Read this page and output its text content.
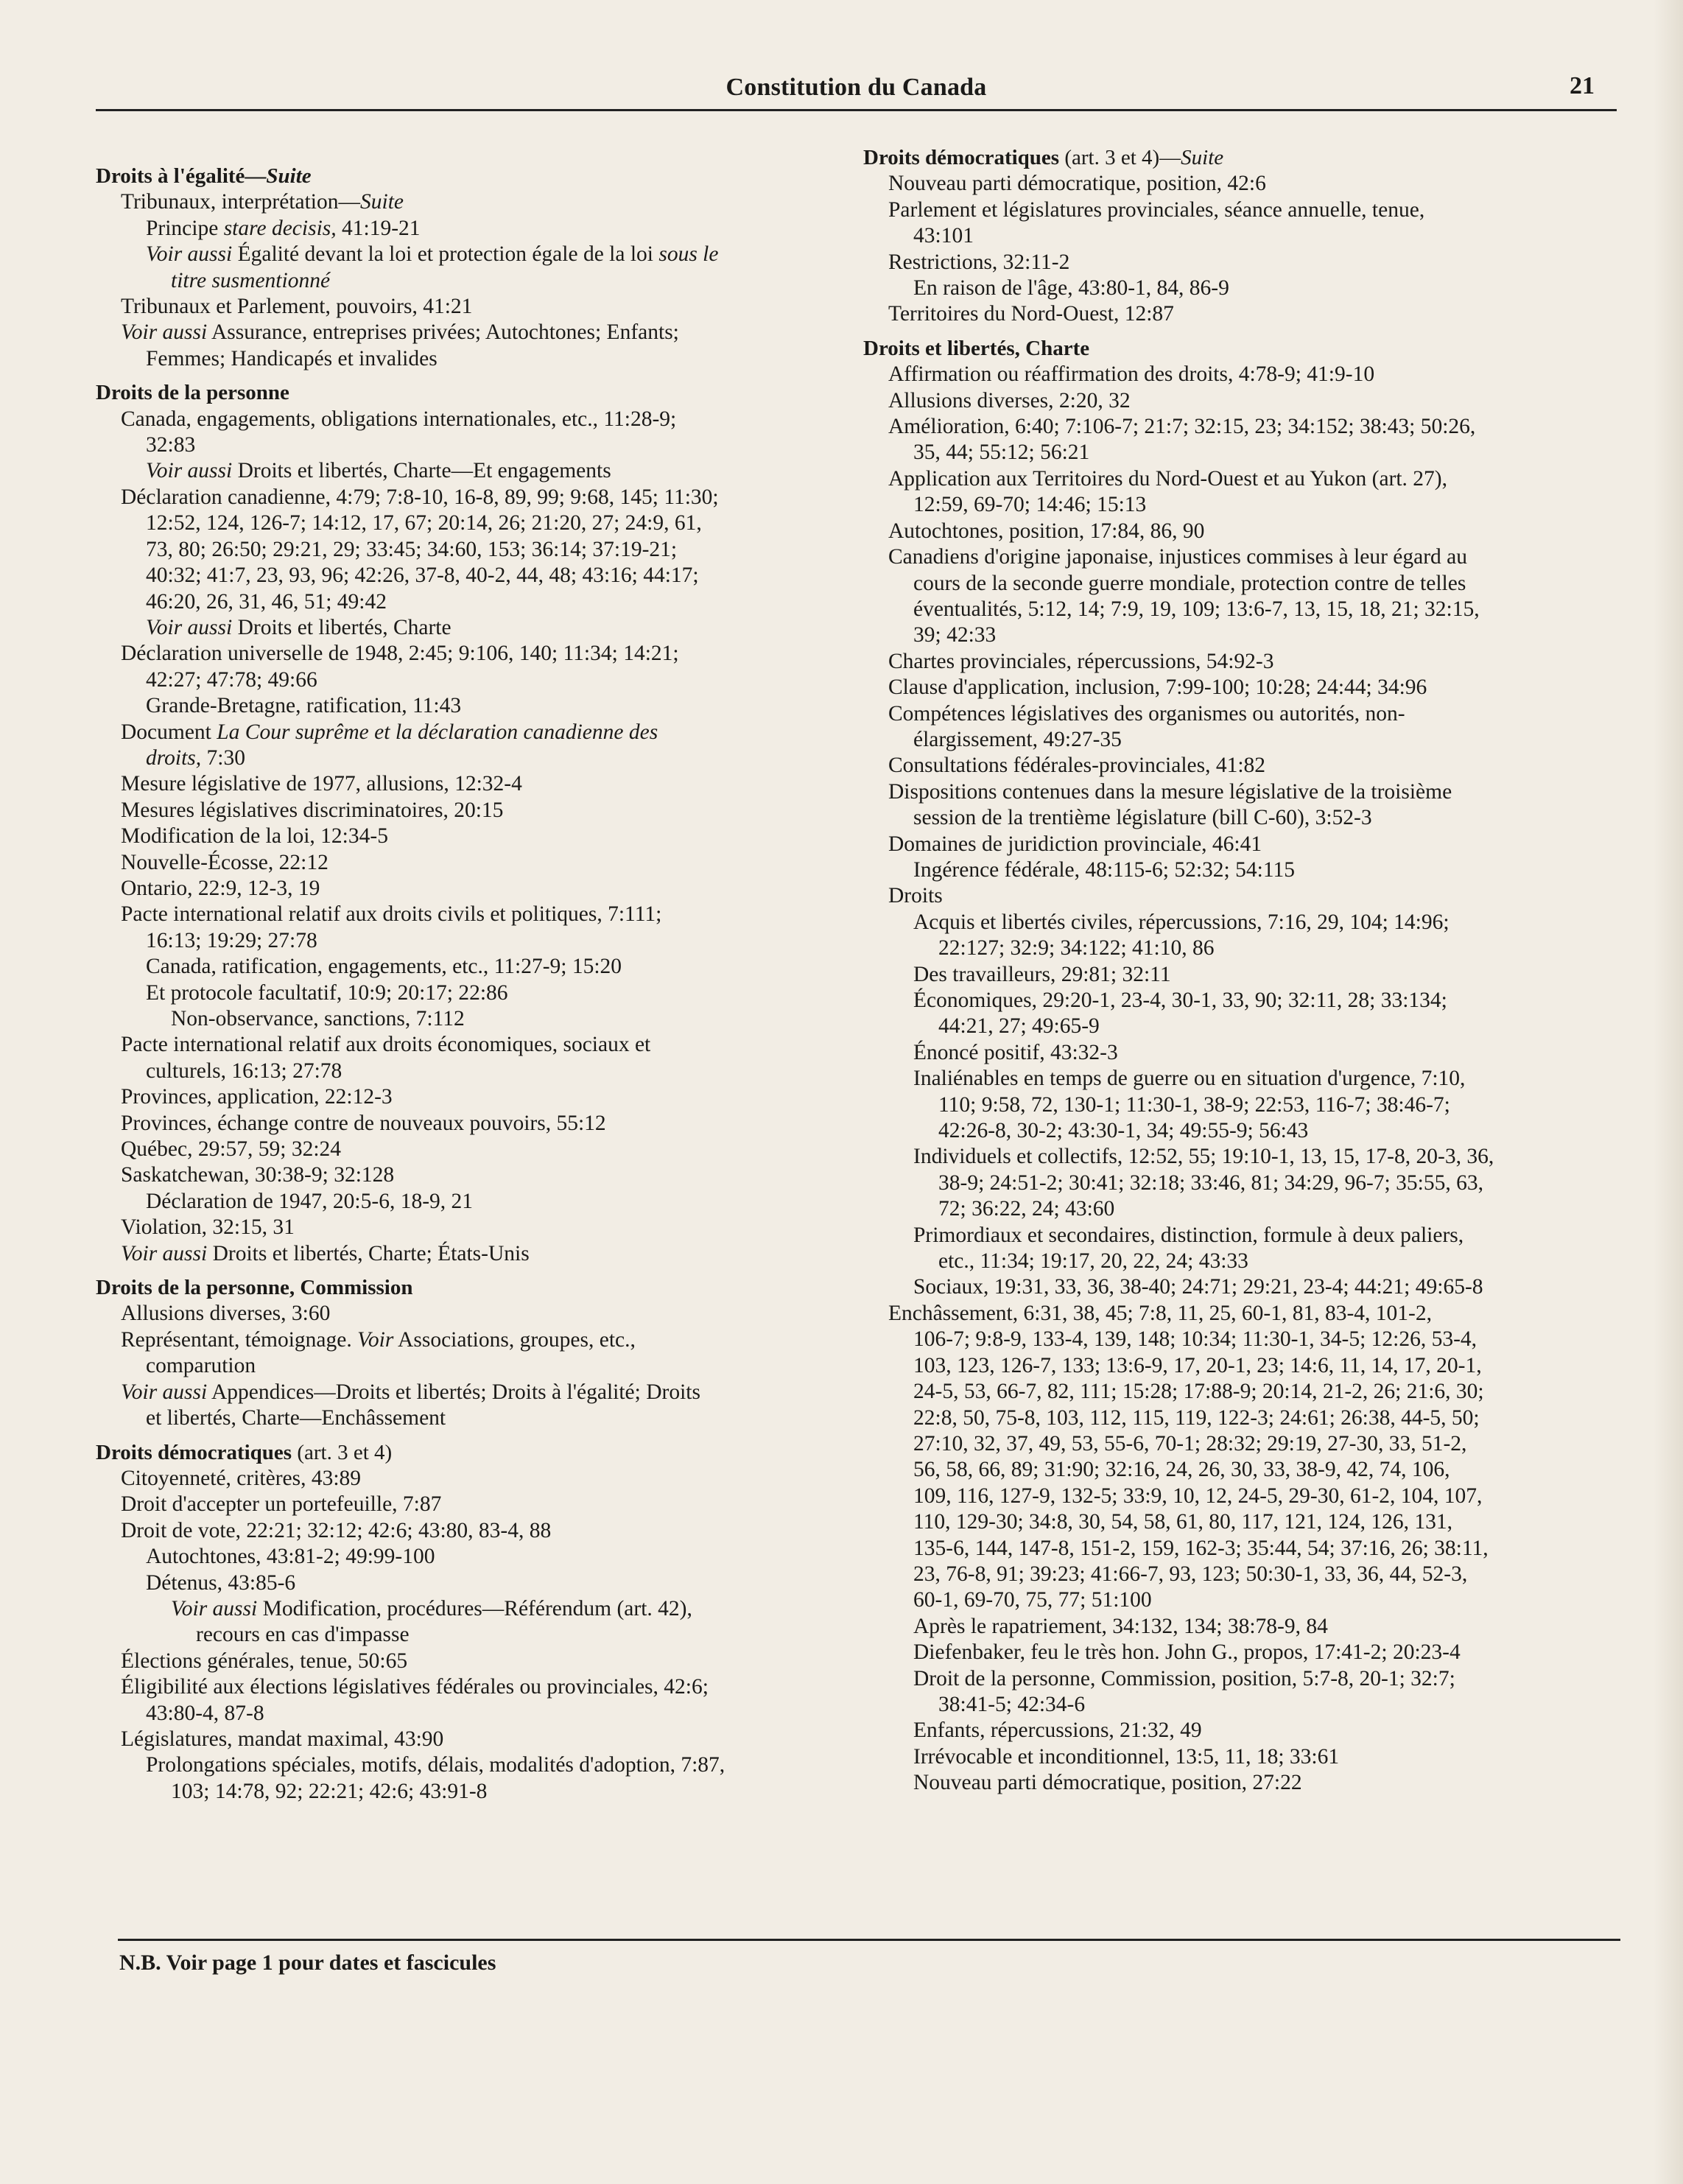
Constitution du Canada	21
Droits à l'égalité—Suite
Tribunaux, interprétation—Suite
Principe stare decisis, 41:19-21
Voir aussi Égalité devant la loi et protection égale de la loi sous le
titre susmentionné
Tribunaux et Parlement, pouvoirs, 41:21
Voir aussi Assurance, entreprises privées; Autochtones; Enfants;
Femmes; Handicapés et invalides
Droits de la personne
Canada, engagements, obligations internationales, etc., 11:28-9;
32:83
Voir aussi Droits et libertés, Charte—Et engagements
Déclaration canadienne, 4:79; 7:8-10, 16-8, 89, 99; 9:68, 145; 11:30;
12:52, 124, 126-7; 14:12, 17, 67; 20:14, 26; 21:20, 27; 24:9, 61,
73, 80; 26:50; 29:21, 29; 33:45; 34:60, 153; 36:14; 37:19-21;
40:32; 41:7, 23, 93, 96; 42:26, 37-8, 40-2, 44, 48; 43:16; 44:17;
46:20, 26, 31, 46, 51; 49:42
Voir aussi Droits et libertés, Charte
Déclaration universelle de 1948, 2:45; 9:106, 140; 11:34; 14:21;
42:27; 47:78; 49:66
Grande-Bretagne, ratification, 11:43
Document La Cour suprême et la déclaration canadienne des
droits, 7:30
Mesure législative de 1977, allusions, 12:32-4
Mesures législatives discriminatoires, 20:15
Modification de la loi, 12:34-5
Nouvelle-Écosse, 22:12
Ontario, 22:9, 12-3, 19
Pacte international relatif aux droits civils et politiques, 7:111;
16:13; 19:29; 27:78
Canada, ratification, engagements, etc., 11:27-9; 15:20
Et protocole facultatif, 10:9; 20:17; 22:86
Non-observance, sanctions, 7:112
Pacte international relatif aux droits économiques, sociaux et
culturels, 16:13; 27:78
Provinces, application, 22:12-3
Provinces, échange contre de nouveaux pouvoirs, 55:12
Québec, 29:57, 59; 32:24
Saskatchewan, 30:38-9; 32:128
Déclaration de 1947, 20:5-6, 18-9, 21
Violation, 32:15, 31
Voir aussi Droits et libertés, Charte; États-Unis
Droits de la personne, Commission
Allusions diverses, 3:60
Représentant, témoignage. Voir Associations, groupes, etc.,
comparution
Voir aussi Appendices—Droits et libertés; Droits à l'égalité; Droits
et libertés, Charte—Enchâssement
Droits démocratiques (art. 3 et 4)
Citoyenneté, critères, 43:89
Droit d'accepter un portefeuille, 7:87
Droit de vote, 22:21; 32:12; 42:6; 43:80, 83-4, 88
Autochtones, 43:81-2; 49:99-100
Détenus, 43:85-6
Voir aussi Modification, procédures—Référendum (art. 42),
recours en cas d'impasse
Élections générales, tenue, 50:65
Éligibilité aux élections législatives fédérales ou provinciales, 42:6;
43:80-4, 87-8
Législatures, mandat maximal, 43:90
Prolongations spéciales, motifs, délais, modalités d'adoption, 7:87,
103; 14:78, 92; 22:21; 42:6; 43:91-8
Droits démocratiques (art. 3 et 4)—Suite
Nouveau parti démocratique, position, 42:6
Parlement et législatures provinciales, séance annuelle, tenue,
43:101
Restrictions, 32:11-2
En raison de l'âge, 43:80-1, 84, 86-9
Territoires du Nord-Ouest, 12:87
Droits et libertés, Charte
Affirmation ou réaffirmation des droits, 4:78-9; 41:9-10
Allusions diverses, 2:20, 32
Amélioration, 6:40; 7:106-7; 21:7; 32:15, 23; 34:152; 38:43; 50:26,
35, 44; 55:12; 56:21
Application aux Territoires du Nord-Ouest et au Yukon (art. 27),
12:59, 69-70; 14:46; 15:13
Autochtones, position, 17:84, 86, 90
Canadiens d'origine japonaise, injustices commises à leur égard au
cours de la seconde guerre mondiale, protection contre de telles
éventualités, 5:12, 14; 7:9, 19, 109; 13:6-7, 13, 15, 18, 21; 32:15,
39; 42:33
Chartes provinciales, répercussions, 54:92-3
Clause d'application, inclusion, 7:99-100; 10:28; 24:44; 34:96
Compétences législatives des organismes ou autorités, non-
élargissement, 49:27-35
Consultations fédérales-provinciales, 41:82
Dispositions contenues dans la mesure législative de la troisième
session de la trentième législature (bill C-60), 3:52-3
Domaines de juridiction provinciale, 46:41
Ingérence fédérale, 48:115-6; 52:32; 54:115
Droits
Acquis et libertés civiles, répercussions, 7:16, 29, 104; 14:96;
22:127; 32:9; 34:122; 41:10, 86
Des travailleurs, 29:81; 32:11
Économiques, 29:20-1, 23-4, 30-1, 33, 90; 32:11, 28; 33:134;
44:21, 27; 49:65-9
Énoncé positif, 43:32-3
Inaliénables en temps de guerre ou en situation d'urgence, 7:10,
110; 9:58, 72, 130-1; 11:30-1, 38-9; 22:53, 116-7; 38:46-7;
42:26-8, 30-2; 43:30-1, 34; 49:55-9; 56:43
Individuels et collectifs, 12:52, 55; 19:10-1, 13, 15, 17-8, 20-3, 36,
38-9; 24:51-2; 30:41; 32:18; 33:46, 81; 34:29, 96-7; 35:55, 63,
72; 36:22, 24; 43:60
Primordiaux et secondaires, distinction, formule à deux paliers,
etc., 11:34; 19:17, 20, 22, 24; 43:33
Sociaux, 19:31, 33, 36, 38-40; 24:71; 29:21, 23-4; 44:21; 49:65-8
Enchâssement, 6:31, 38, 45; 7:8, 11, 25, 60-1, 81, 83-4, 101-2,
106-7; 9:8-9, 133-4, 139, 148; 10:34; 11:30-1, 34-5; 12:26, 53-4,
103, 123, 126-7, 133; 13:6-9, 17, 20-1, 23; 14:6, 11, 14, 17, 20-1,
24-5, 53, 66-7, 82, 111; 15:28; 17:88-9; 20:14, 21-2, 26; 21:6, 30;
22:8, 50, 75-8, 103, 112, 115, 119, 122-3; 24:61; 26:38, 44-5, 50;
27:10, 32, 37, 49, 53, 55-6, 70-1; 28:32; 29:19, 27-30, 33, 51-2,
56, 58, 66, 89; 31:90; 32:16, 24, 26, 30, 33, 38-9, 42, 74, 106,
109, 116, 127-9, 132-5; 33:9, 10, 12, 24-5, 29-30, 61-2, 104, 107,
110, 129-30; 34:8, 30, 54, 58, 61, 80, 117, 121, 124, 126, 131,
135-6, 144, 147-8, 151-2, 159, 162-3; 35:44, 54; 37:16, 26; 38:11,
23, 76-8, 91; 39:23; 41:66-7, 93, 123; 50:30-1, 33, 36, 44, 52-3,
60-1, 69-70, 75, 77; 51:100
Après le rapatriement, 34:132, 134; 38:78-9, 84
Diefenbaker, feu le très hon. John G., propos, 17:41-2; 20:23-4
Droit de la personne, Commission, position, 5:7-8, 20-1; 32:7;
38:41-5; 42:34-6
Enfants, répercussions, 21:32, 49
Irrévocable et inconditionnel, 13:5, 11, 18; 33:61
Nouveau parti démocratique, position, 27:22
N.B. Voir page 1 pour dates et fascicules
